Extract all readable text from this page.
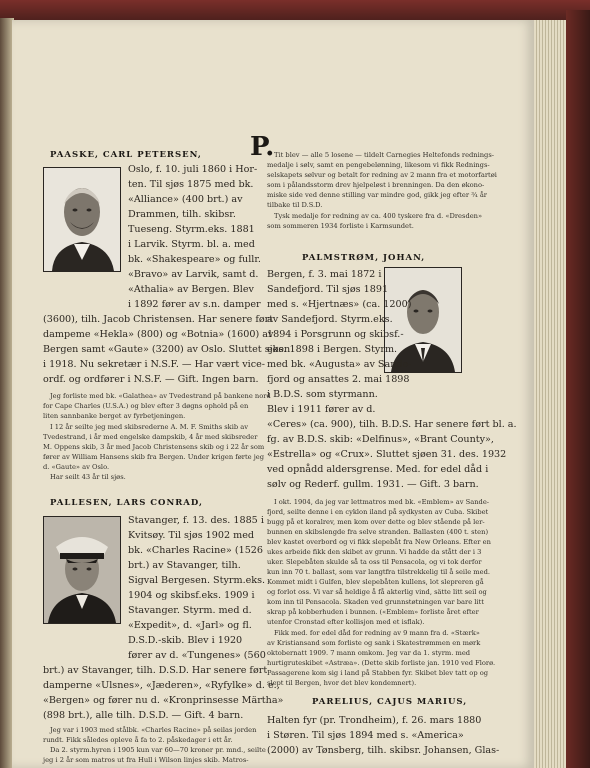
P.
PAASKE, CARL PETERSEN,
Oslo, f. 10. juli 1860 i Hor-
ten. Til sjøs 1875 med bk.
«Alliance» (400 brt.) av
Drammen, tilh. skibsr.
Tueseng. Styrm.eks. 1881
i Larvik. Styrm. bl. a. med
bk. «Shakespeare» og fullr.
«Bravo» av Larvik, samt d.
«Athalia» av Bergen. Blev
i 1892 fører av s.n. damper
(3600), tilh. Jacob Christensen. Har senere ført
dampeme «Hekla» (800) og «Botnia» (1600) av
Bergen samt «Gaute» (3200) av Oslo. Sluttet sjøen
i 1918. Nu sekretær i N.S.F. — Har vært vice-
ordf. og ordfører i N.S.F. — Gift. Ingen barn.
Jeg forliste med bk. «Galathea» av Tvedestrand på bankene nord
for Cape Charles (U.S.A.) og blev efter 3 døgns ophold på en
liten sannbanke berget av fyrbetjeningen.
I 12 år seilte jeg med skibsrederne A. M. F. Smiths skib av
Tvedestrand, i år med engelske dampskib, 4 år med skibsreder
M. Oppens skib, 3 år med Jacob Christensens skib og i 22 år som
fører av William Hansens skib fra Bergen. Under krigen førte jeg
d. «Gaute» av Oslo.
Har seilt 43 år til sjøs.
PALLESEN, LARS CONRAD,
Stavanger, f. 13. des. 1885 i
Kvitsøy. Til sjøs 1902 med
bk. «Charles Racine» (1526
brt.) av Stavanger, tilh.
Sigval Bergesen. Styrm.eks.
1904 og skibsf.eks. 1909 i
Stavanger. Styrm. med d.
«Expedit», d. «Jarl» og fl.
D.S.D.-skib. Blev i 1920
fører av d. «Tungenes» (560
brt.) av Stavanger, tilh. D.S.D. Har senere ført
damperne «Ulsnes», «Jæderen», «Ryfylke» d. e.,
«Bergen» og fører nu d. «Kronprinsesse Märtha»
(898 brt.), alle tilh. D.S.D. — Gift. 4 barn.
Jeg var i 1903 med stålbk. «Charles Racine» på seilas jorden
rundt. Fikk således opleve å fa to 2. påskedager i ett år.
Da 2. styrm.hyren i 1905 kun var 60—70 kroner pr. mnd., seilte
jeg i 2 år som matros ut fra Hull i Wilson linjes skib. Matros-
Tit blev — alle 5 losene — tildelt Carnegies Heltefonds rednings-
medalje i sølv, samt en pengebelønning, likesom vi fikk Rednings-
selskapets sølvur og betalt for redning av 2 mann fra et motorfartøi
som i pålandsstorm drev hjelpeløst i brenningen. Da den økono-
miske side ved denne stilling var mindre god, gikk jeg efter ¾ år
tilbake til D.S.D.
Tysk medalje for redning av ca. 400 tyskere fra d. «Dresden»
som sommeren 1934 forliste i Karmsundet.
PALMSTRØM, JOHAN,
Bergen, f. 3. mai 1872 i
Sandefjord. Til sjøs 1891
med s. «Hjertnæs» (ca. 1200)
av Sandefjord. Styrm.eks.
1894 i Porsgrunn og skibsf.-
eks. 1898 i Bergen. Styrm.
med bk. «Augusta» av Sande-
fjord og ansattes 2. mai 1898
i B.D.S. som styrmann.
Blev i 1911 fører av d.
«Ceres» (ca. 900), tilh. B.D.S. Har senere ført bl. a.
fg. av B.D.S. skib: «Delfinus», «Brant County»,
«Estrella» og «Crux». Sluttet sjøen 31. des. 1932
ved opnådd aldersgrense. Med. for edel dåd i
sølv og Rederf. gullm. 1931. — Gift. 3 barn.
I okt. 1904, da jeg var lettmatros med bk. «Emblem» av Sande-
fjord, seilte denne i en cyklon iland på sydkysten av Cuba. Skibet
bugg på et koralrev, men kom over dette og blev stående på ler-
bunnen en skibslengde fra selve stranden. Ballasten (400 t. sten)
blev kastet overbord og vi fikk slepebåt fra New Orleans. Efter en
ukes arbeide fikk den skibet av grunn. Vi hadde da stått der i 3
uker. Slepebåten skulde så ta oss til Pensacola, og vi tok derfor
kun inn 70 t. ballast, som var langtfra tilstrekkelig til å seile med.
Kommet midt i Gulfen, blev slepebåten kullens, lot slepreren gå
og forlot oss. Vi var så heldige å få akterlig vind, sätte litt seil og
kom inn til Pensacola. Skaden ved grunnstøtningen var bare litt
skrap på kobberhuden i bunnen. («Emblem» forliste året efter
utenfor Cronstad efter kollisjon med et isflak).
Fikk med. for edel dåd for redning av 9 mann fra d. «Stærk»
av Kristiansand som forliste og sank i Skatestrømmen en mørk
oktobernatt 1909. 7 mann omkom. Jeg var da 1. styrm. med
hurtigruteskibet «Astræa». (Dette skib forliste jan. 1910 ved Florø.
Passagerene kom sig i land på Stabben fyr. Skibet blev tatt op og
slept til Bergen, hvor det blev kondemnert).
PARELIUS, CAJUS MARIUS,
Halten fyr (pr. Trondheim), f. 26. mars 1880
i Støren. Til sjøs 1894 med s. «America»
(2000) av Tønsberg, tilh. skibsr. Johansen, Glas-
